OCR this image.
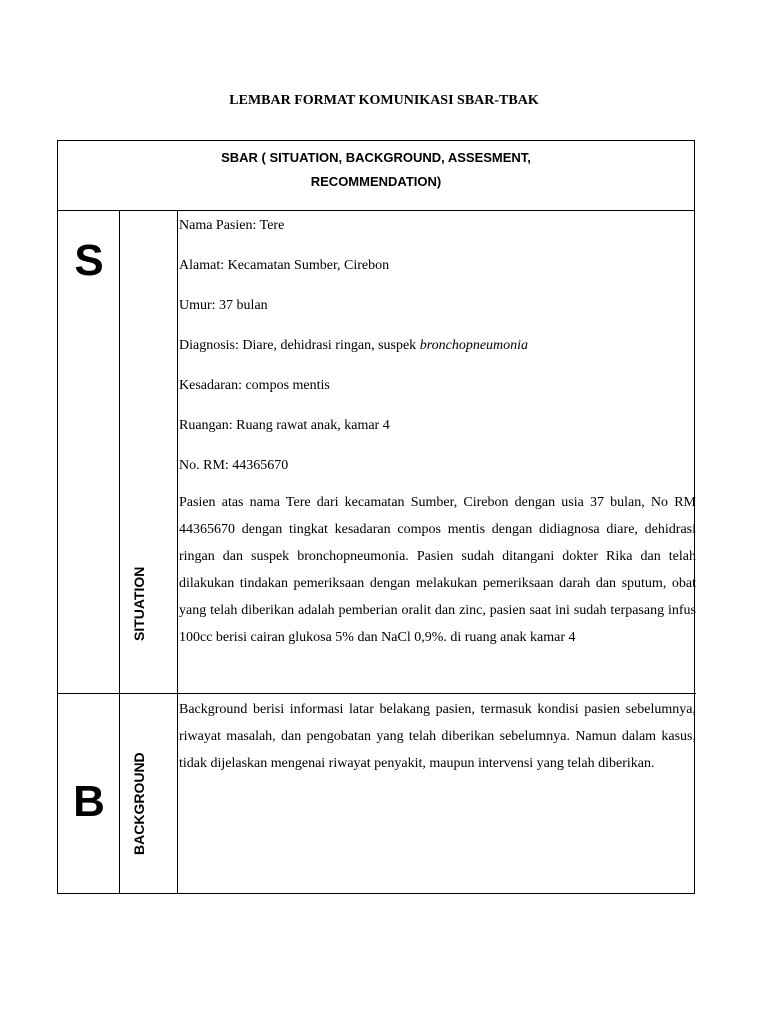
LEMBAR FORMAT KOMUNIKASI SBAR-TBAK
SBAR ( SITUATION, BACKGROUND, ASSESMENT,
RECOMMENDATION)
S
SITUATION

Nama Pasien: Tere

Alamat: Kecamatan Sumber, Cirebon

Umur: 37 bulan

Diagnosis: Diare, dehidrasi ringan, suspek bronchopneumonia

Kesadaran: compos mentis

Ruangan: Ruang rawat anak, kamar 4

No. RM: 44365670

Pasien atas nama Tere dari kecamatan Sumber, Cirebon dengan usia 37 bulan, No RM 44365670 dengan tingkat kesadaran compos mentis dengan didiagnosa diare, dehidrasi ringan dan suspek bronchopneumonia. Pasien sudah ditangani dokter Rika dan telah dilakukan tindakan pemeriksaan dengan melakukan pemeriksaan darah dan sputum, obat yang telah diberikan adalah pemberian oralit dan zinc, pasien saat ini sudah terpasang infus 100cc berisi cairan glukosa 5% dan NaCl 0,9%. di ruang anak kamar 4

B	BACKGROUND

Background berisi informasi latar belakang pasien, termasuk kondisi pasien sebelumnya, riwayat masalah, dan pengobatan yang telah diberikan sebelumnya. Namun dalam kasus, tidak dijelaskan mengenai riwayat penyakit, maupun intervensi yang telah diberikan.
